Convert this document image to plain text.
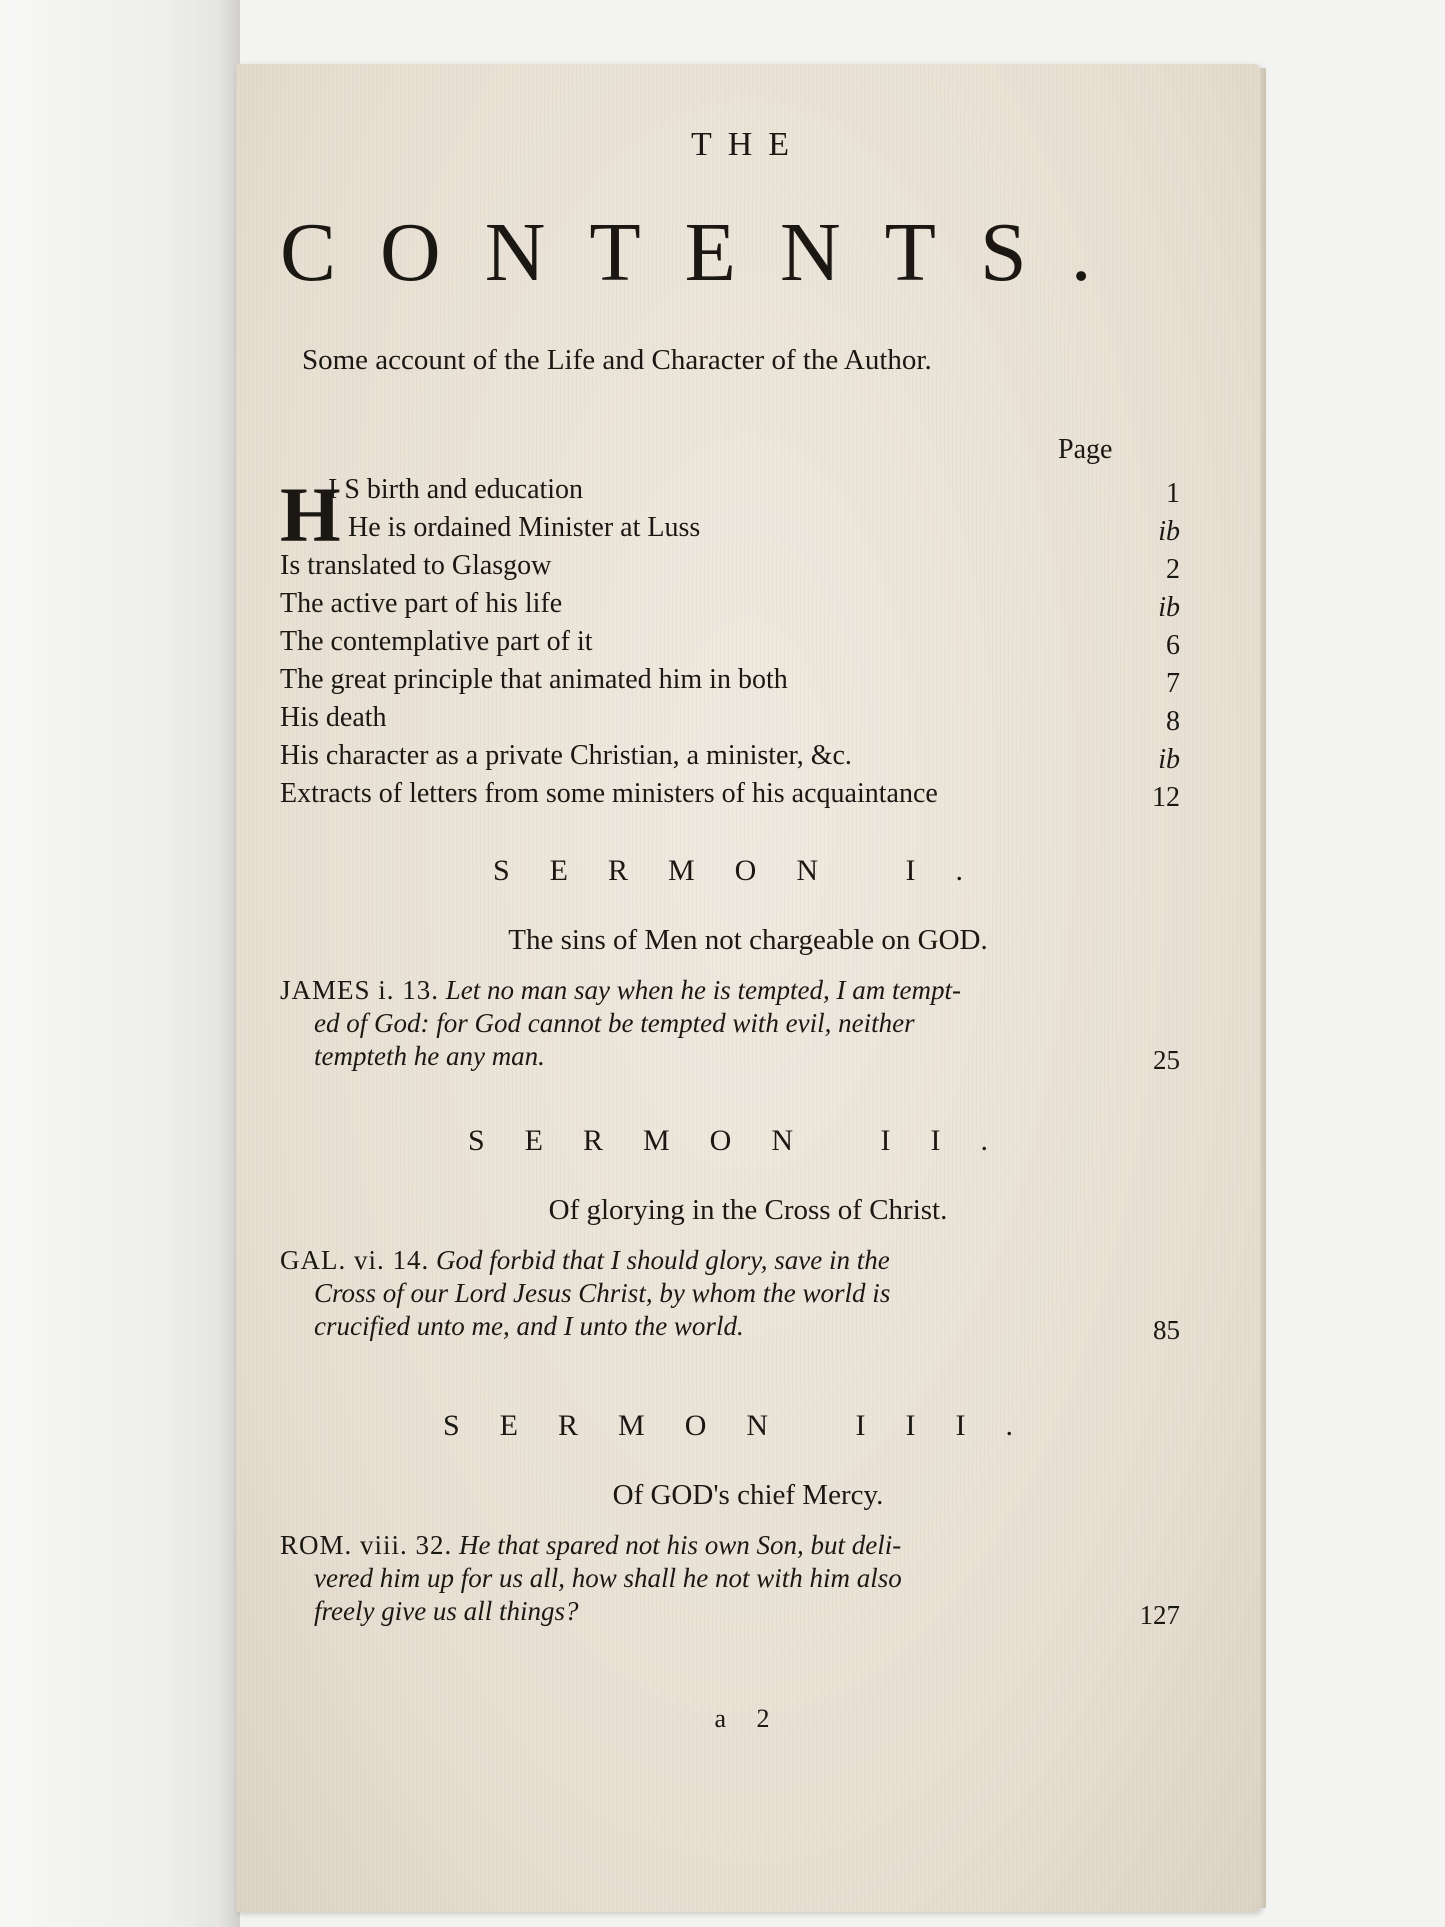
THE
CONTENTS.
Some account of the Life and Character of the Author.
Page
H
I S birth and education	1
He is ordained Minister at Luss	ib
Is translated to Glasgow	2
The active part of his life	ib
The contemplative part of it	6
The great principle that animated him in both	7
His death	8
His character as a private Christian, a minister, &c.	ib
Extracts of letters from some ministers of his acquaintance	12
SERMON I.
The sins of Men not chargeable on GOD.
JAMES i. 13. Let no man say when he is tempted, I am tempt-
ed of God: for God cannot be tempted with evil, neither
tempteth he any man.	25
SERMON II.
Of glorying in the Cross of Christ.
GAL. vi. 14. God forbid that I should glory, save in the
Cross of our Lord Jesus Christ, by whom the world is
crucified unto me, and I unto the world.	85
SERMON III.
Of GOD's chief Mercy.
ROM. viii. 32. He that spared not his own Son, but deli-
vered him up for us all, how shall he not with him also
freely give us all things?	127
a 2
